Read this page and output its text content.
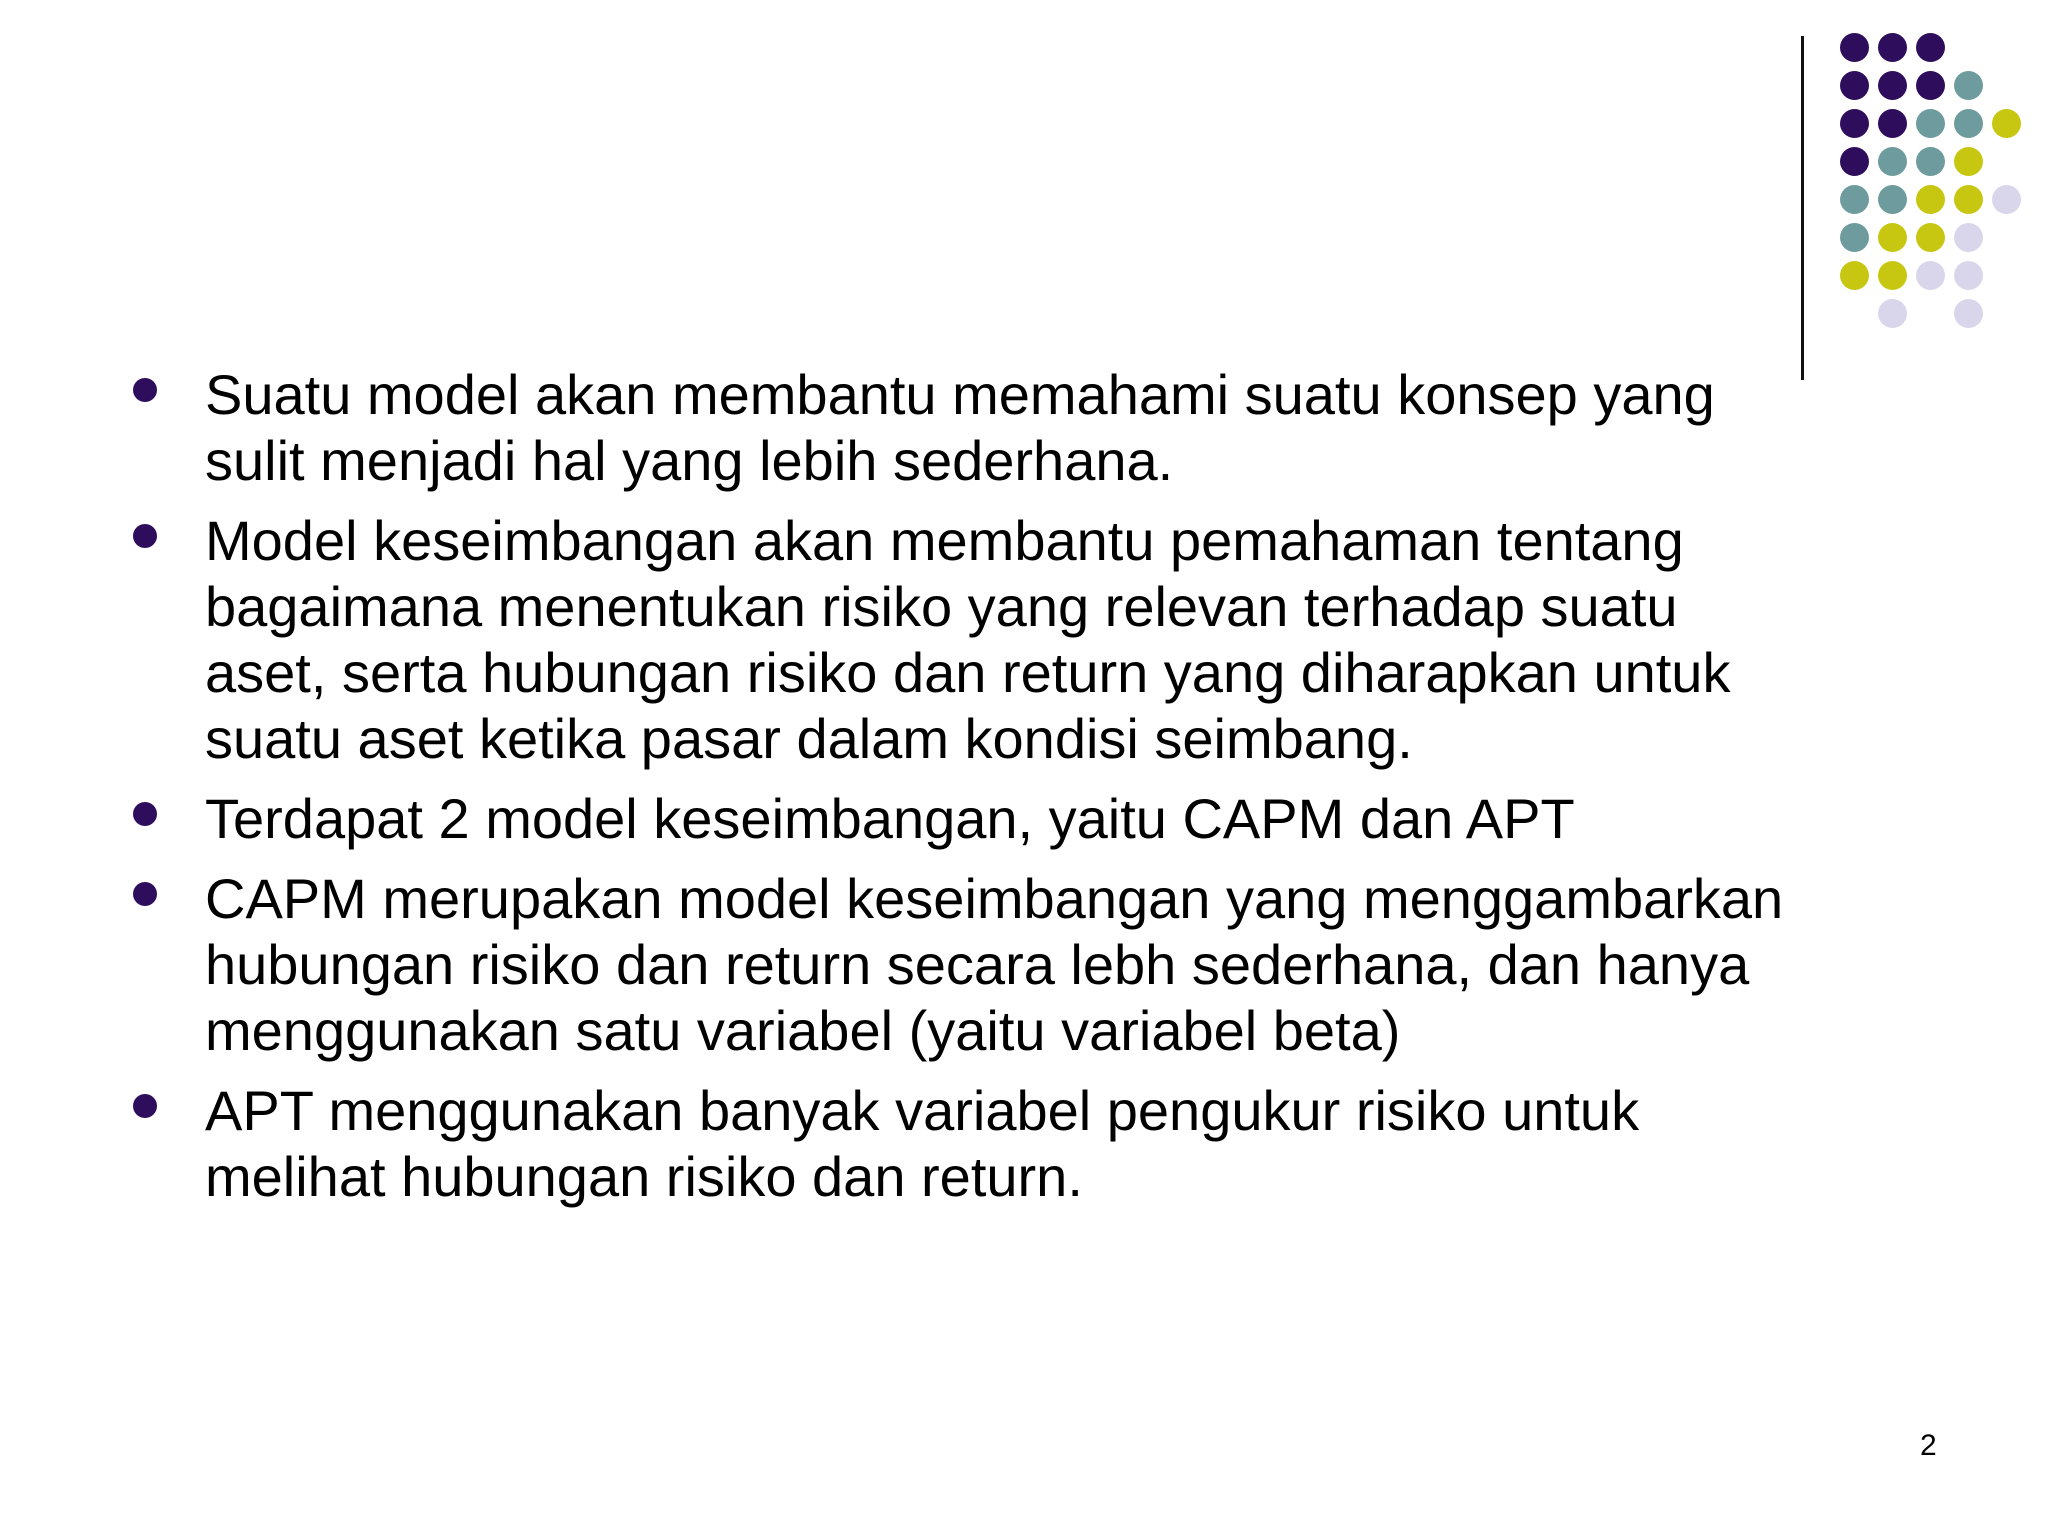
Suatu model akan membantu memahami suatu konsep yang sulit menjadi hal yang lebih sederhana.
Model keseimbangan akan membantu pemahaman tentang bagaimana menentukan risiko yang relevan terhadap suatu aset, serta hubungan risiko dan return yang diharapkan untuk suatu aset ketika pasar dalam kondisi seimbang.
Terdapat 2 model keseimbangan, yaitu CAPM dan APT
CAPM merupakan model keseimbangan yang menggambarkan hubungan risiko dan return secara lebh sederhana, dan hanya menggunakan satu variabel (yaitu variabel beta)
APT menggunakan banyak variabel pengukur risiko untuk melihat hubungan risiko dan return.
2
